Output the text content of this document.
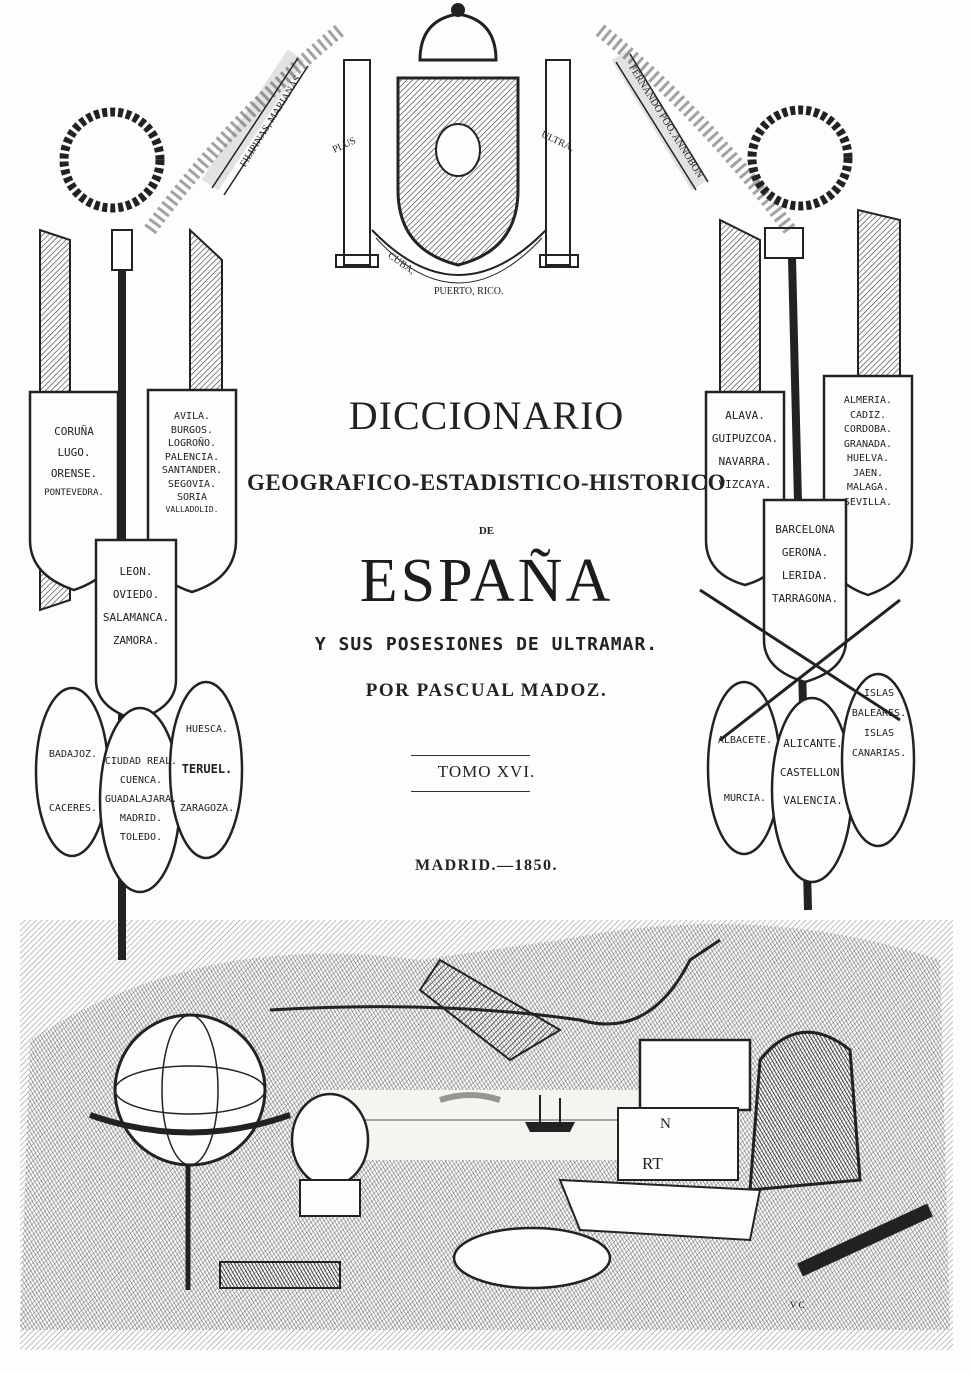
FILIPINAS, MARIANAS	FERNANDO POO, ANNOBON
PLUS	ULTRA.
CUBA,
PUERTO, RICO.
CORUÑA
LUGO.
ORENSE.
PONTEVEDRA.
AVILA.
BURGOS.
LOGROÑO.
PALENCIA.
SANTANDER.
SEGOVIA.
SORIA
VALLADOLID.
LEON.
OVIEDO.
SALAMANCA.
ZAMORA.
BADAJOZ.
CACERES.
CIUDAD REAL.
CUENCA.
GUADALAJARA.
MADRID.
TOLEDO.
HUESCA.
TERUEL.
ZARAGOZA.
ALAVA.
GUIPUZCOA.
NAVARRA.
VIZCAYA.
ALMERIA.
CADIZ.
CORDOBA.
GRANADA.
HUELVA.
JAEN.
MALAGA.
SEVILLA.
BARCELONA
GERONA.
LERIDA.
TARRAGONA.
ALBACETE.
MURCIA.
ALICANTE.
CASTELLON.
VALENCIA.
ISLAS
BALEARES.
ISLAS
CANARIAS.
N
RT
V C
DICCIONARIO
GEOGRAFICO-ESTADISTICO-HISTORICO
DE
ESPAÑA
Y SUS POSESIONES DE ULTRAMAR.
POR PASCUAL MADOZ.
TOMO XVI.
MADRID.—1850.
